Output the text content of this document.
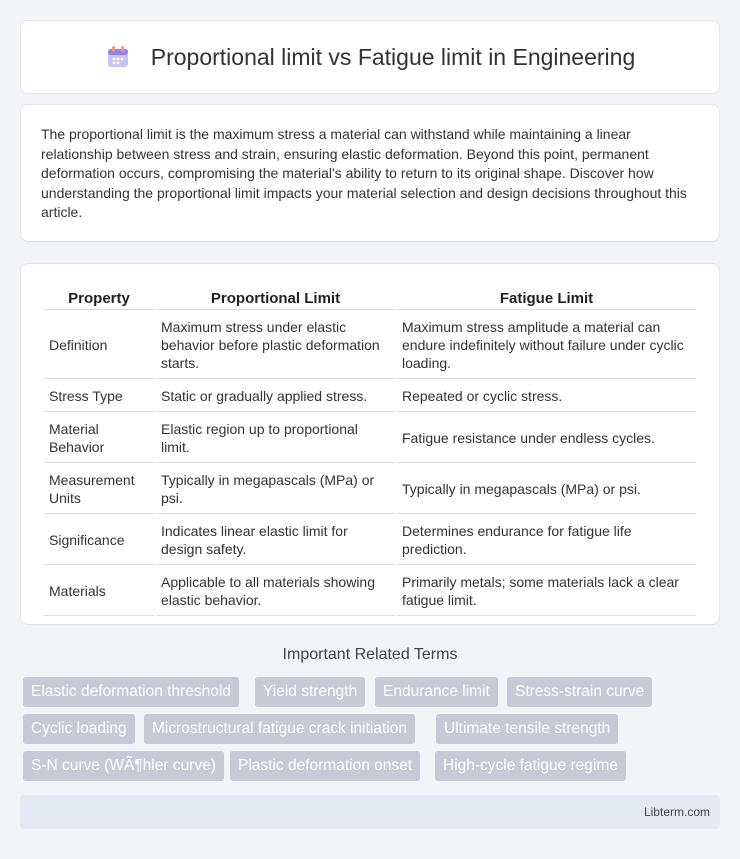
Proportional limit vs Fatigue limit in Engineering

The proportional limit is the maximum stress a material can withstand while maintaining a linear relationship between stress and strain, ensuring elastic deformation. Beyond this point, permanent deformation occurs, compromising the material's ability to return to its original shape. Discover how understanding the proportional limit impacts your material selection and design decisions throughout this article.

Property	Proportional Limit	Fatigue Limit
Definition	Maximum stress under elastic behavior before plastic deformation starts.	Maximum stress amplitude a material can endure indefinitely without failure under cyclic loading.
Stress Type	Static or gradually applied stress.	Repeated or cyclic stress.
Material Behavior	Elastic region up to proportional limit.	Fatigue resistance under endless cycles.
Measurement Units	Typically in megapascals (MPa) or psi.	Typically in megapascals (MPa) or psi.
Significance	Indicates linear elastic limit for design safety.	Determines endurance for fatigue life prediction.
Materials	Applicable to all materials showing elastic behavior.	Primarily metals; some materials lack a clear fatigue limit.
Important Related Terms
Elastic deformation threshold	Yield strength	Endurance limit	Stress-strain curve
Cyclic loading	Microstructural fatigue crack initiation	Ultimate tensile strength
S-N curve (WÃ¶hler curve)	Plastic deformation onset	High-cycle fatigue regime
Libterm.com
